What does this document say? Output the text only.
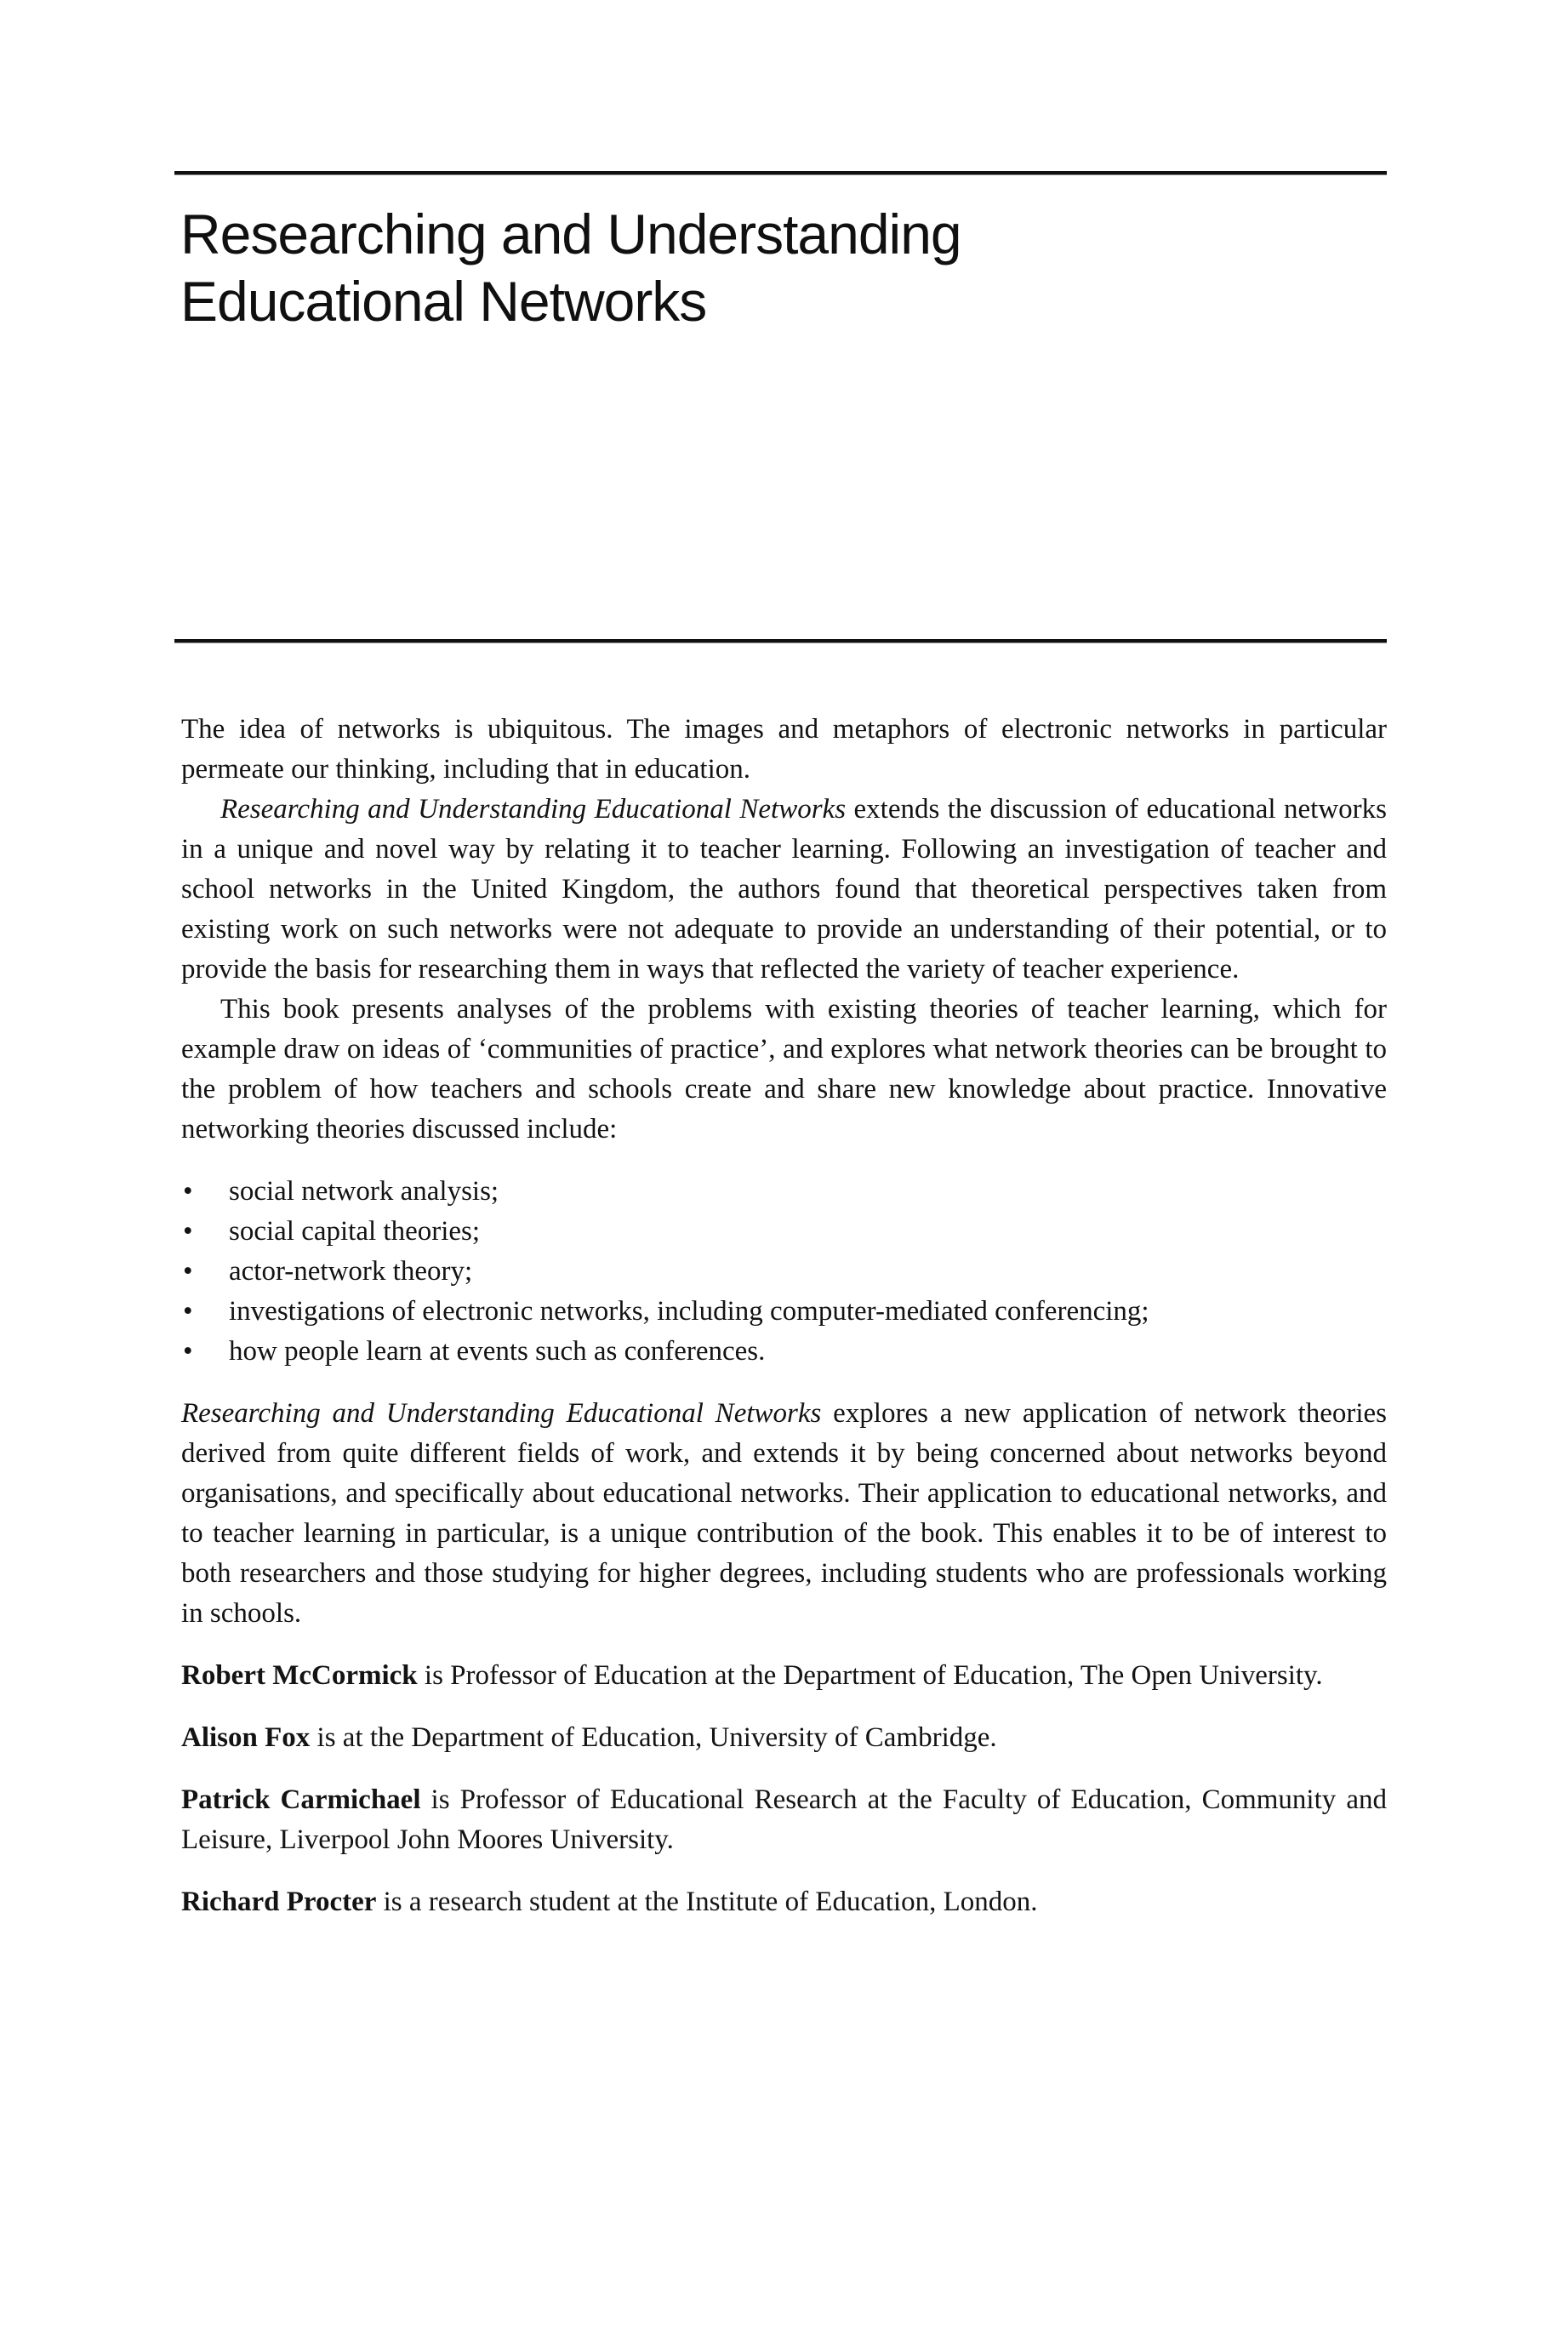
Researching and Understanding
Educational Networks

The idea of networks is ubiquitous. The images and metaphors of electronic networks in particular permeate our thinking, including that in education.

Researching and Understanding Educational Networks extends the discussion of educational networks in a unique and novel way by relating it to teacher learning. Following an investigation of teacher and school networks in the United Kingdom, the authors found that theoretical perspectives taken from existing work on such networks were not adequate to provide an understanding of their potential, or to provide the basis for researching them in ways that reflected the variety of teacher experience.

This book presents analyses of the problems with existing theories of teacher learning, which for example draw on ideas of ‘communities of practice’, and explores what network theories can be brought to the problem of how teachers and schools create and share new knowledge about practice. Innovative networking theories discussed include:

• social network analysis;
• social capital theories;
• actor-network theory;
• investigations of electronic networks, including computer-mediated conferencing;
• how people learn at events such as conferences.

Researching and Understanding Educational Networks explores a new application of network theories derived from quite different fields of work, and extends it by being concerned about networks beyond organisations, and specifically about educational networks. Their application to educational networks, and to teacher learning in particular, is a unique contribution of the book. This enables it to be of interest to both researchers and those studying for higher degrees, including students who are professionals working in schools.

Robert McCormick is Professor of Education at the Department of Education, The Open University.

Alison Fox is at the Department of Education, University of Cambridge.

Patrick Carmichael is Professor of Educational Research at the Faculty of Education, Community and Leisure, Liverpool John Moores University.

Richard Procter is a research student at the Institute of Education, London.
